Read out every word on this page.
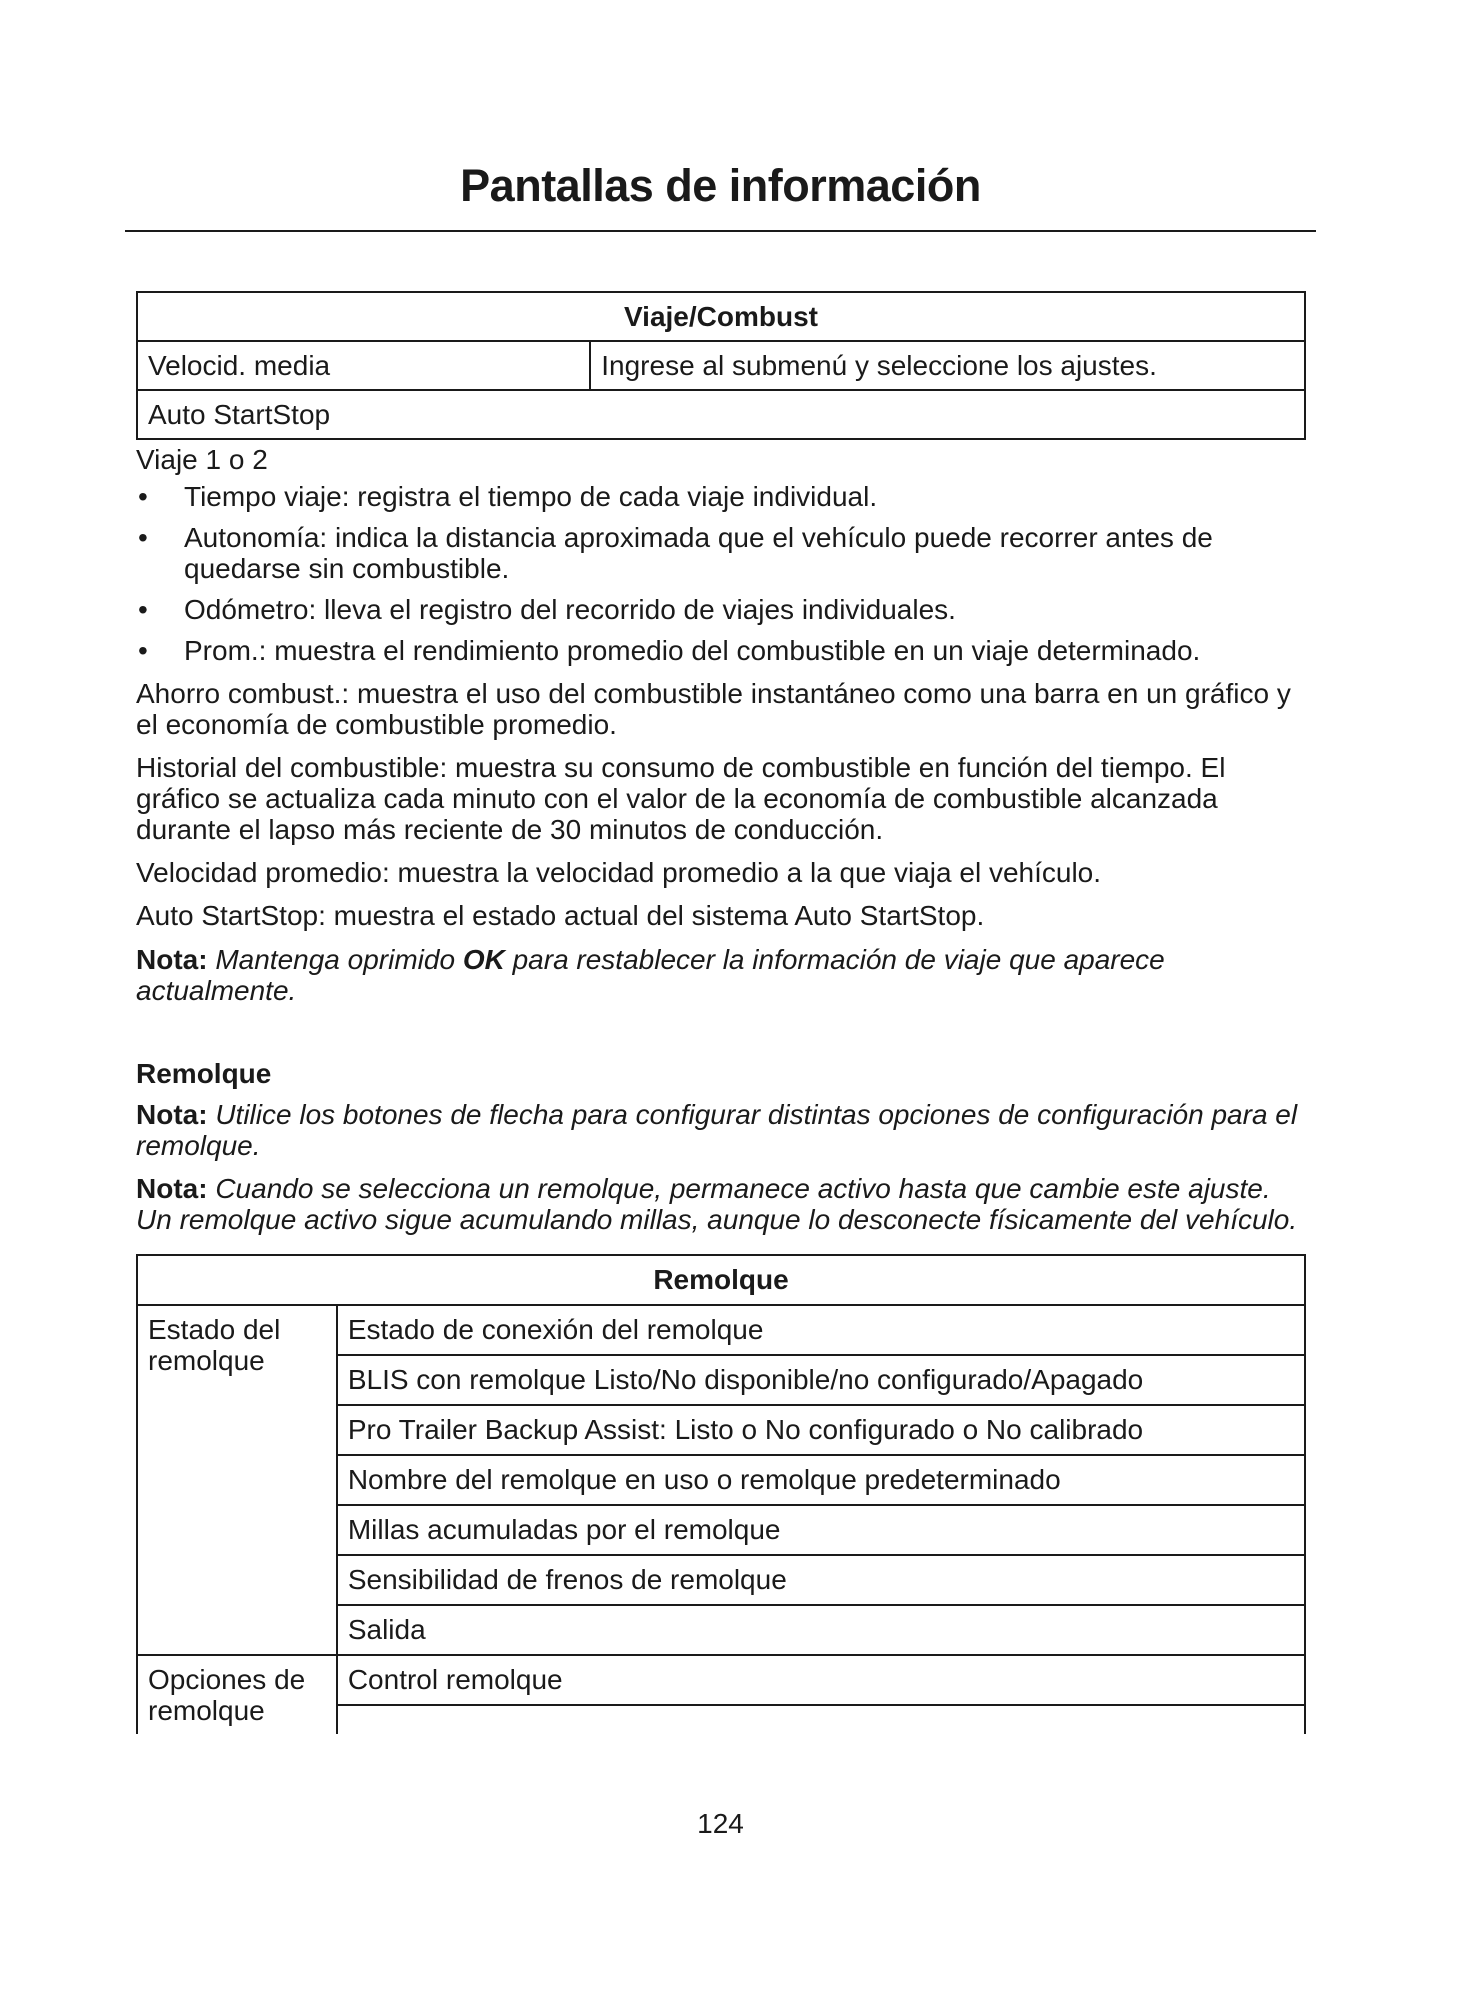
Pantallas de información
Viaje/Combust
Velocid. media	Ingrese al submenú y seleccione los ajustes.
Auto StartStop
Viaje 1 o 2
• Tiempo viaje: registra el tiempo de cada viaje individual.
• Autonomía: indica la distancia aproximada que el vehículo puede recorrer antes de quedarse sin combustible.
• Odómetro: lleva el registro del recorrido de viajes individuales.
• Prom.: muestra el rendimiento promedio del combustible en un viaje determinado.
Ahorro combust.: muestra el uso del combustible instantáneo como una barra en un gráfico y el economía de combustible promedio.
Historial del combustible: muestra su consumo de combustible en función del tiempo. El gráfico se actualiza cada minuto con el valor de la economía de combustible alcanzada durante el lapso más reciente de 30 minutos de conducción.
Velocidad promedio: muestra la velocidad promedio a la que viaja el vehículo.
Auto StartStop: muestra el estado actual del sistema Auto StartStop.
Nota: Mantenga oprimido OK para restablecer la información de viaje que aparece actualmente.
Remolque
Nota: Utilice los botones de flecha para configurar distintas opciones de configuración para el remolque.
Nota: Cuando se selecciona un remolque, permanece activo hasta que cambie este ajuste. Un remolque activo sigue acumulando millas, aunque lo desconecte físicamente del vehículo.
Remolque	
Estado del remolque	Estado de conexión del remolque
	BLIS con remolque Listo/No disponible/no configurado/Apagado
	Pro Trailer Backup Assist: Listo o No configurado o No calibrado
	Nombre del remolque en uso o remolque predeterminado
	Millas acumuladas por el remolque
	Sensibilidad de frenos de remolque
	Salida
Opciones de remolque	Control remolque

124
